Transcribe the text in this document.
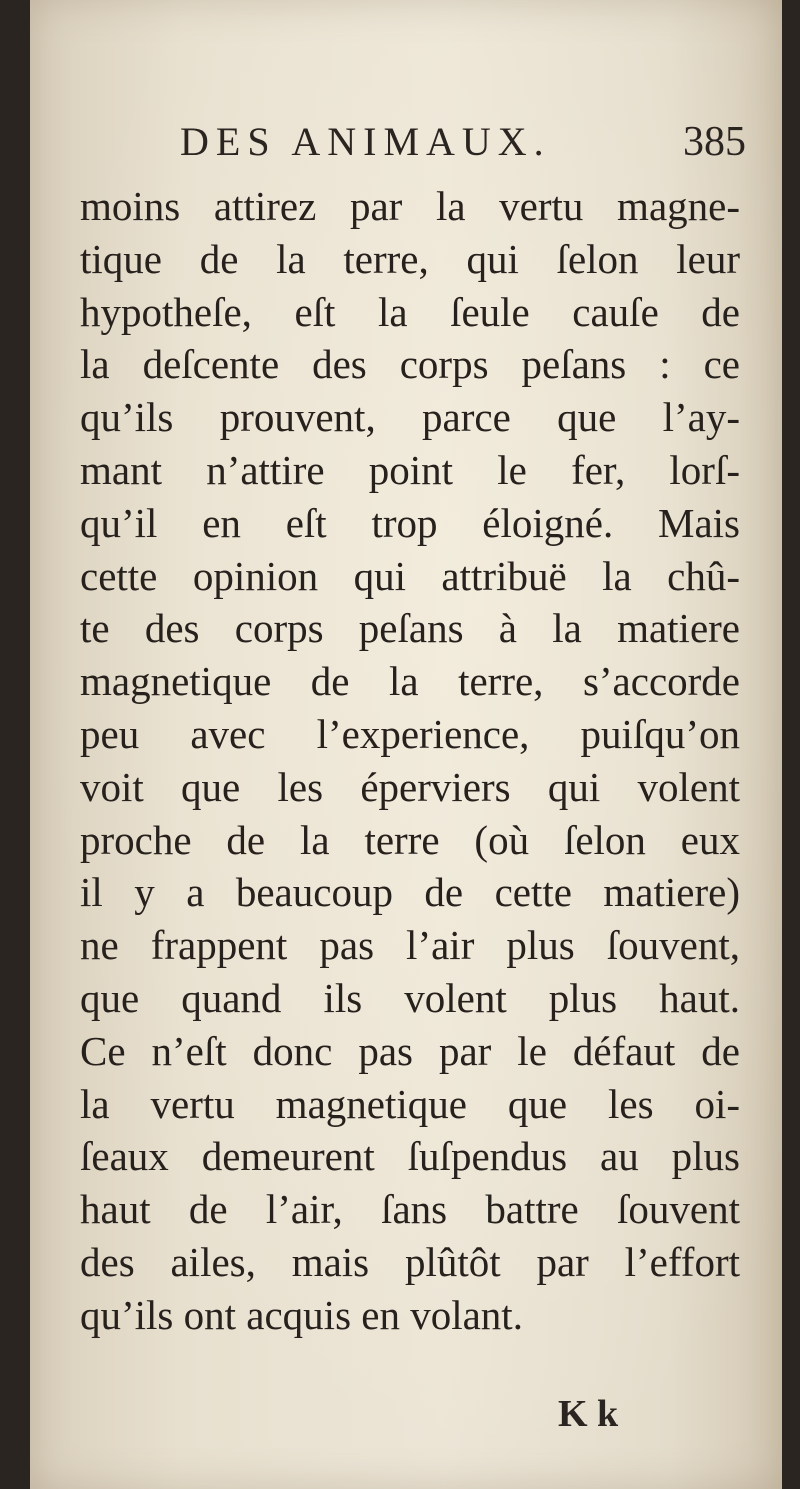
DES ANIMAUX.	385
moins attirez par la vertu magne-
tique de la terre, qui ſelon leur
hypotheſe, eſt la ſeule cauſe de
la deſcente des corps peſans : ce
qu’ils prouvent, parce que l’ay-
mant n’attire point le fer, lorſ-
qu’il en eſt trop éloigné. Mais
cette opinion qui attribuë la chû-
te des corps peſans à la matiere
magnetique de la terre, s’accorde
peu avec l’experience, puiſqu’on
voit que les éperviers qui volent
proche de la terre (où ſelon eux
il y a beaucoup de cette matiere)
ne frappent pas l’air plus ſouvent,
que quand ils volent plus haut.
Ce n’eſt donc pas par le défaut de
la vertu magnetique que les oi-
ſeaux demeurent ſuſpendus au plus
haut de l’air, ſans battre ſouvent
des ailes, mais plûtôt par l’effort
qu’ils ont acquis en volant.
K k
